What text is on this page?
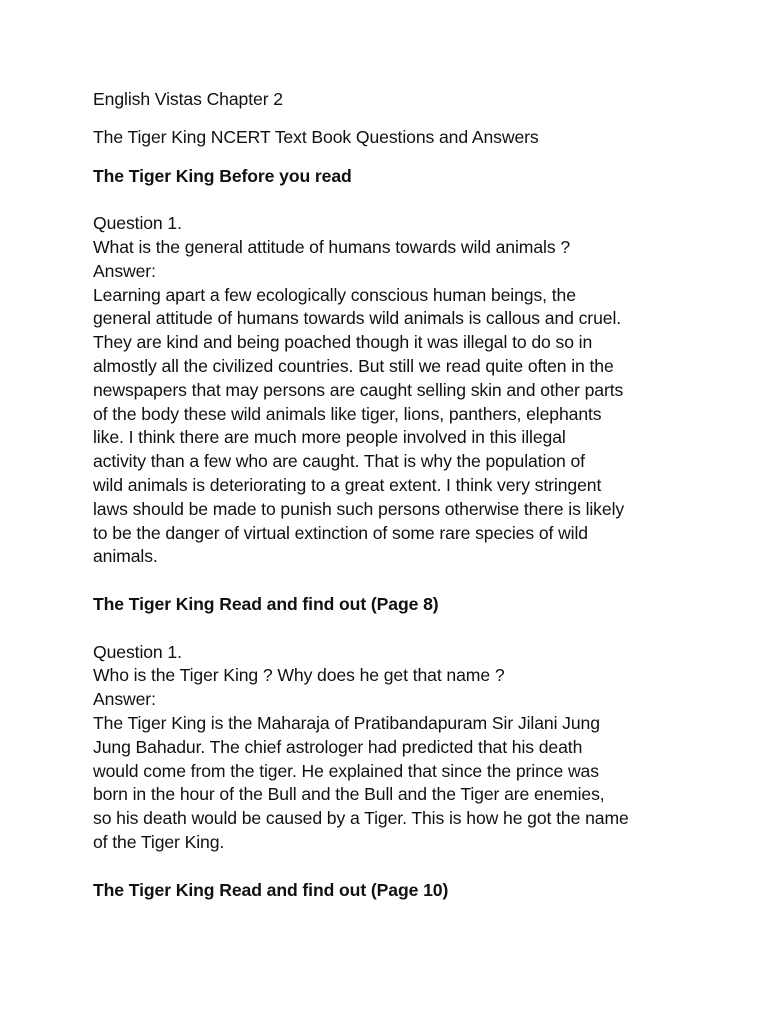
English Vistas Chapter 2
The Tiger King NCERT Text Book Questions and Answers
The Tiger King Before you read
Question 1.
What is the general attitude of humans towards wild animals ?
Answer:
Learning apart a few ecologically conscious human beings, the
general attitude of humans towards wild animals is callous and cruel.
They are kind and being poached though it was illegal to do so in
almostly all the civilized countries. But still we read quite often in the
newspapers that may persons are caught selling skin and other parts
of the body these wild animals like tiger, lions, panthers, elephants
like. I think there are much more people involved in this illegal
activity than a few who are caught. That is why the population of
wild animals is deteriorating to a great extent. I think very stringent
laws should be made to punish such persons otherwise there is likely
to be the danger of virtual extinction of some rare species of wild
animals.
The Tiger King Read and find out (Page 8)
Question 1.
Who is the Tiger King ? Why does he get that name ?
Answer:
The Tiger King is the Maharaja of Pratibandapuram Sir Jilani Jung
Jung Bahadur. The chief astrologer had predicted that his death
would come from the tiger. He explained that since the prince was
born in the hour of the Bull and the Bull and the Tiger are enemies,
so his death would be caused by a Tiger. This is how he got the name
of the Tiger King.
The Tiger King Read and find out (Page 10)
